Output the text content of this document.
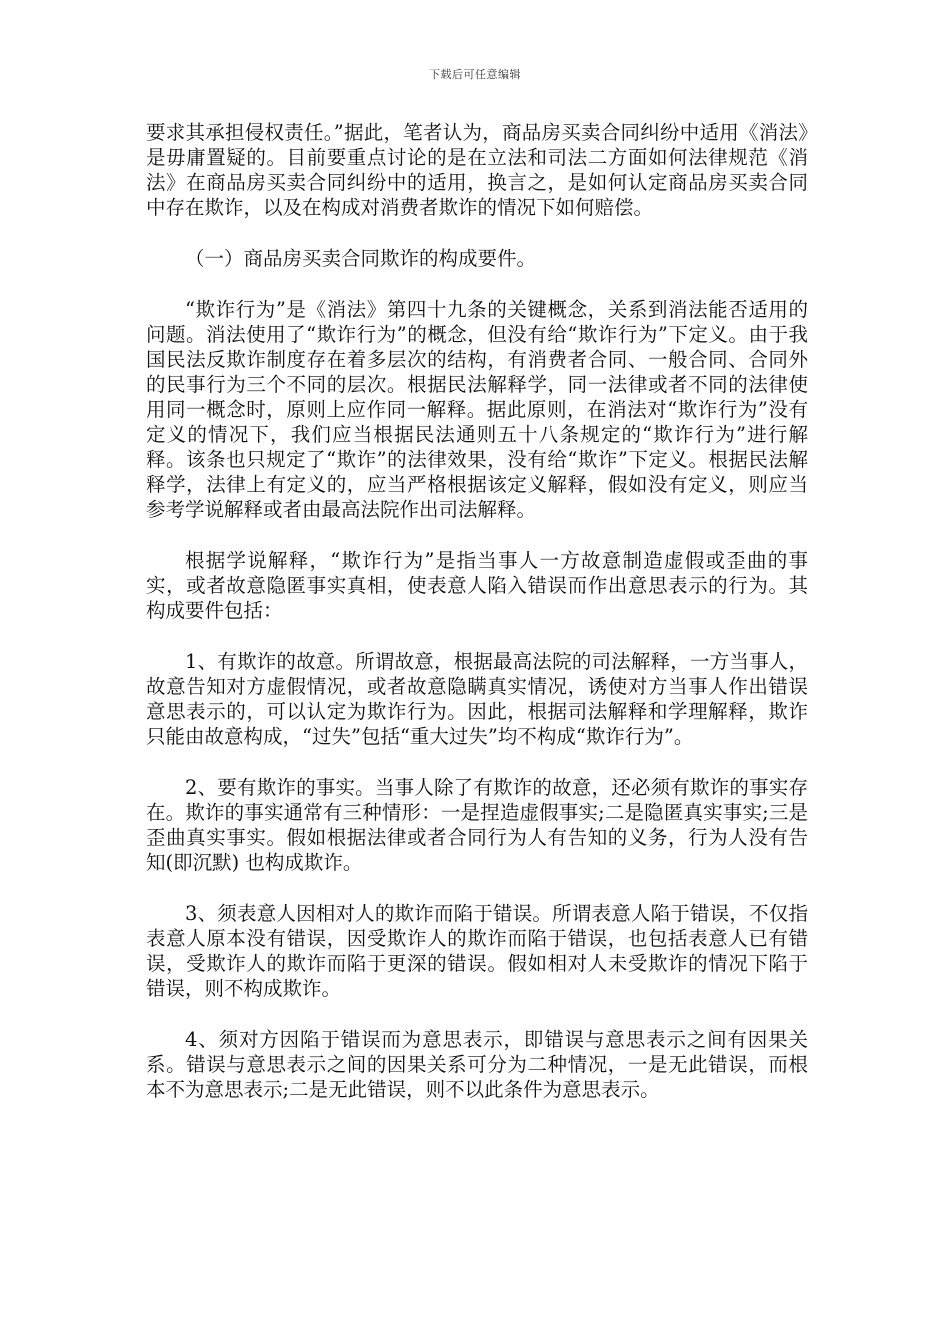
下载后可任意编辑

要求其承担侵权责任。”据此，笔者认为，商品房买卖合同纠纷中适用《消法》是毋庸置疑的。目前要重点讨论的是在立法和司法二方面如何法律规范《消法》在商品房买卖合同纠纷中的适用，换言之，是如何认定商品房买卖合同中存在欺诈，以及在构成对消费者欺诈的情况下如何赔偿。

（一）商品房买卖合同欺诈的构成要件。

“欺诈行为”是《消法》第四十九条的关键概念，关系到消法能否适用的问题。消法使用了“欺诈行为”的概念，但没有给“欺诈行为”下定义。由于我国民法反欺诈制度存在着多层次的结构，有消费者合同、一般合同、合同外的民事行为三个不同的层次。根据民法解释学，同一法律或者不同的法律使用同一概念时，原则上应作同一解释。据此原则，在消法对“欺诈行为”没有定义的情况下，我们应当根据民法通则五十八条规定的“欺诈行为”进行解释。该条也只规定了“欺诈”的法律效果，没有给“欺诈”下定义。根据民法解释学，法律上有定义的，应当严格根据该定义解释，假如没有定义，则应当参考学说解释或者由最高法院作出司法解释。

根据学说解释，“欺诈行为”是指当事人一方故意制造虚假或歪曲的事实，或者故意隐匿事实真相，使表意人陷入错误而作出意思表示的行为。其构成要件包括：

1、有欺诈的故意。所谓故意，根据最高法院的司法解释，一方当事人，故意告知对方虚假情况，或者故意隐瞒真实情况，诱使对方当事人作出错误意思表示的，可以认定为欺诈行为。因此，根据司法解释和学理解释，欺诈只能由故意构成，“过失”包括“重大过失”均不构成“欺诈行为”。

2、要有欺诈的事实。当事人除了有欺诈的故意，还必须有欺诈的事实存在。欺诈的事实通常有三种情形：一是捏造虚假事实;二是隐匿真实事实;三是歪曲真实事实。假如根据法律或者合同行为人有告知的义务，行为人没有告知(即沉默) 也构成欺诈。

3、须表意人因相对人的欺诈而陷于错误。所谓表意人陷于错误，不仅指表意人原本没有错误，因受欺诈人的欺诈而陷于错误，也包括表意人已有错误，受欺诈人的欺诈而陷于更深的错误。假如相对人未受欺诈的情况下陷于错误，则不构成欺诈。

4、须对方因陷于错误而为意思表示，即错误与意思表示之间有因果关系。错误与意思表示之间的因果关系可分为二种情况，一是无此错误，而根本不为意思表示;二是无此错误，则不以此条件为意思表示。
